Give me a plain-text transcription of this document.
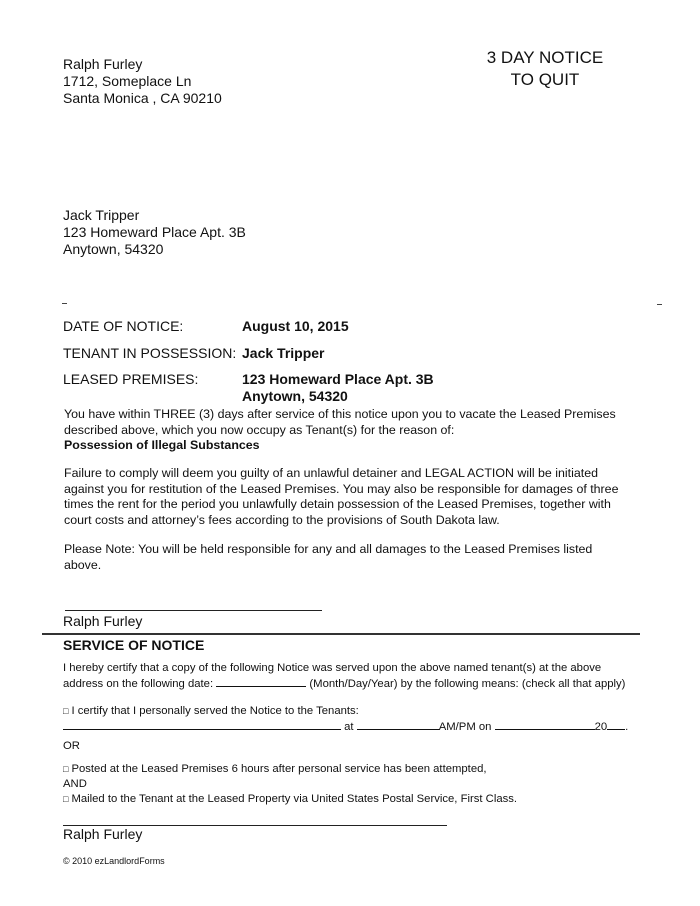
Ralph Furley
1712, Someplace Ln
Santa Monica , CA 90210
3 DAY NOTICE
TO QUIT
Jack Tripper
123 Homeward Place Apt. 3B
Anytown, 54320
DATE OF NOTICE:	August 10, 2015
TENANT IN POSSESSION: Jack Tripper
LEASED PREMISES:	123 Homeward Place Apt. 3B
Anytown, 54320
You have within THREE (3) days after service of this notice upon you to vacate the Leased Premises
described above, which you now occupy as Tenant(s) for the reason of:
Possession of Illegal Substances
Failure to comply will deem you guilty of an unlawful detainer and LEGAL ACTION will be initiated
against you for restitution of the Leased Premises. You may also be responsible for damages of three
times the rent for the period you unlawfully detain possession of the Leased Premises, together with
court costs and attorney’s fees according to the provisions of South Dakota law.
Please Note: You will be held responsible for any and all damages to the Leased Premises listed
above.
Ralph Furley
SERVICE OF NOTICE
I hereby certify that a copy of the following Notice was served upon the above named tenant(s) at the above
address on the following date:	(Month/Day/Year) by the following means: (check all that apply)
□ I certify that I personally served the Notice to the Tenants:
at	AM/PM on	20 .
OR
□ Posted at the Leased Premises 6 hours after personal service has been attempted,
AND
□ Mailed to the Tenant at the Leased Property via United States Postal Service, First Class.
Ralph Furley
© 2010 ezLandlordForms
